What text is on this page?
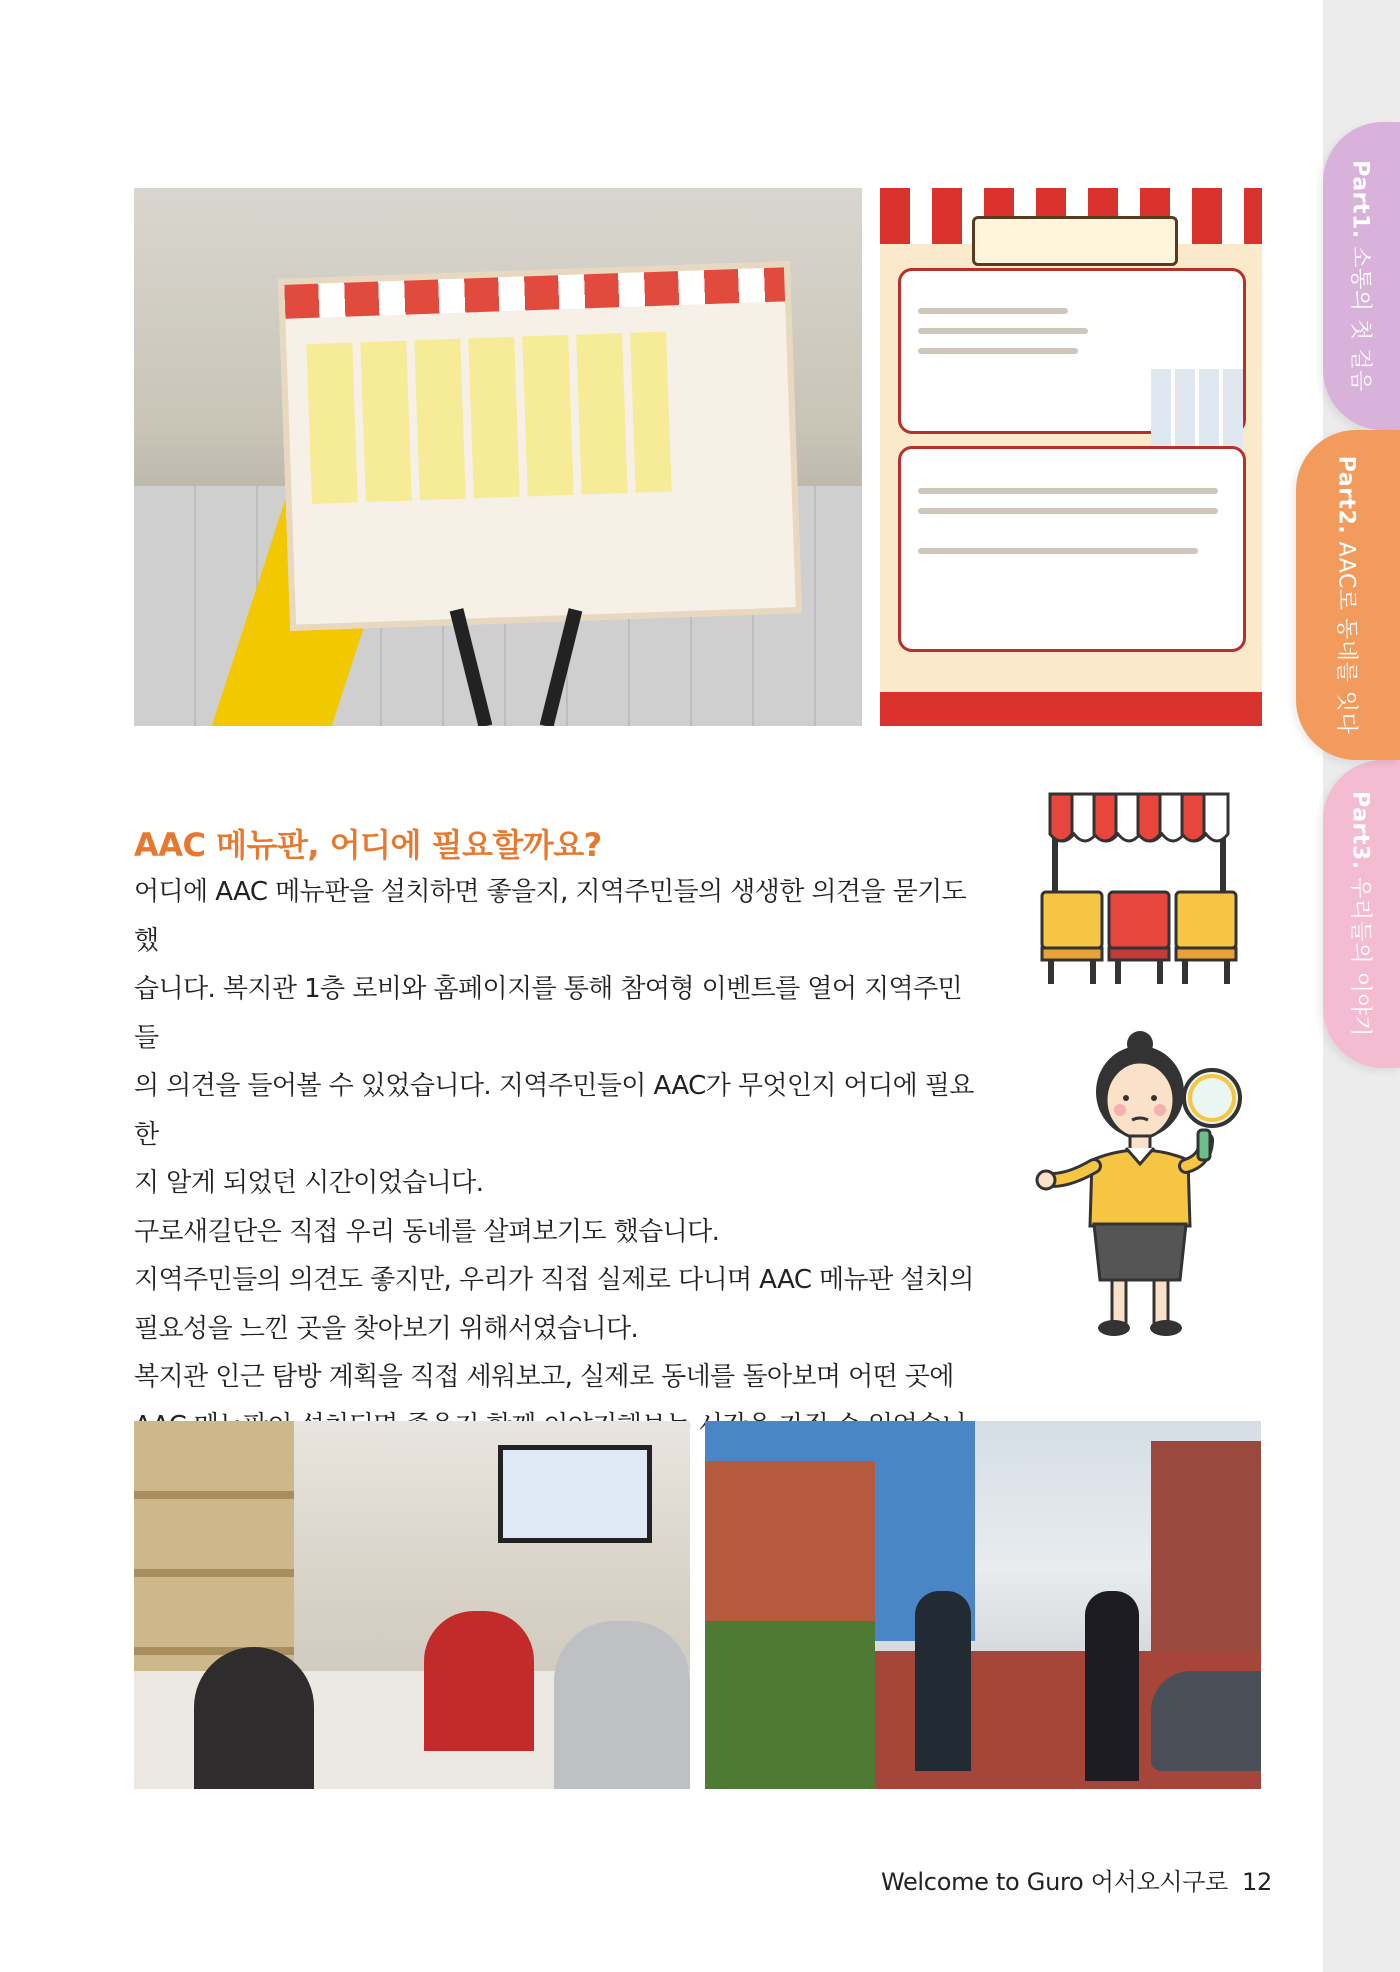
Part1. 소통의 첫 걸음
Part2. AAC로 동네를 잇다
Part3. 우리들의 이야기
AAC 메뉴판, 어디에 필요할까요?

어디에 AAC 메뉴판을 설치하면 좋을지, 지역주민들의 생생한 의견을 묻기도 했

습니다. 복지관 1층 로비와 홈페이지를 통해 참여형 이벤트를 열어 지역주민들

의 의견을 들어볼 수 있었습니다. 지역주민들이 AAC가 무엇인지 어디에 필요한

지 알게 되었던 시간이었습니다.

구로새길단은 직접 우리 동네를 살펴보기도 했습니다.

지역주민들의 의견도 좋지만, 우리가 직접 실제로 다니며 AAC 메뉴판 설치의

필요성을 느낀 곳을 찾아보기 위해서였습니다.

복지관 인근 탐방 계획을 직접 세워보고, 실제로 동네를 돌아보며 어떤 곳에

Welcome to Guro 어서오시구로 12
